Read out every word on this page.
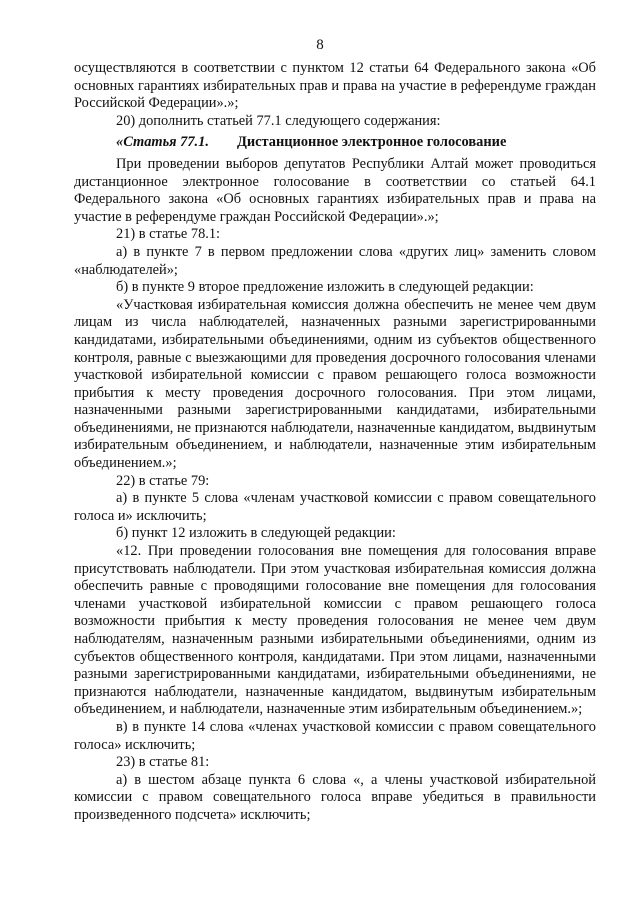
8

осуществляются в соответствии с пунктом 12 статьи 64 Федерального закона «Об основных гарантиях избирательных прав и права на участие в референдуме граждан Российской Федерации».»;

20) дополнить статьей 77.1 следующего содержания:

«Статья 77.1. Дистанционное электронное голосование

При проведении выборов депутатов Республики Алтай может проводиться дистанционное электронное голосование в соответствии со статьей 64.1 Федерального закона «Об основных гарантиях избирательных прав и права на участие в референдуме граждан Российской Федерации».»;

21) в статье 78.1:

а) в пункте 7 в первом предложении слова «других лиц» заменить словом «наблюдателей»;

б) в пункте 9 второе предложение изложить в следующей редакции:

«Участковая избирательная комиссия должна обеспечить не менее чем двум лицам из числа наблюдателей, назначенных разными зарегистрированными кандидатами, избирательными объединениями, одним из субъектов общественного контроля, равные с выезжающими для проведения досрочного голосования членами участковой избирательной комиссии с правом решающего голоса возможности прибытия к месту проведения досрочного голосования. При этом лицами, назначенными разными зарегистрированными кандидатами, избирательными объединениями, не признаются наблюдатели, назначенные кандидатом, выдвинутым избирательным объединением, и наблюдатели, назначенные этим избирательным объединением.»;

22) в статье 79:

а) в пункте 5 слова «членам участковой комиссии с правом совещательного голоса и» исключить;

б) пункт 12 изложить в следующей редакции:

«12. При проведении голосования вне помещения для голосования вправе присутствовать наблюдатели. При этом участковая избирательная комиссия должна обеспечить равные с проводящими голосование вне помещения для голосования членами участковой избирательной комиссии с правом решающего голоса возможности прибытия к месту проведения голосования не менее чем двум наблюдателям, назначенным разными избирательными объединениями, одним из субъектов общественного контроля, кандидатами. При этом лицами, назначенными разными зарегистрированными кандидатами, избирательными объединениями, не признаются наблюдатели, назначенные кандидатом, выдвинутым избирательным объединением, и наблюдатели, назначенные этим избирательным объединением.»;

в) в пункте 14 слова «членах участковой комиссии с правом совещательного голоса» исключить;

23) в статье 81:

а) в шестом абзаце пункта 6 слова «, а члены участковой избирательной комиссии с правом совещательного голоса вправе убедиться в правильности произведенного подсчета» исключить;
